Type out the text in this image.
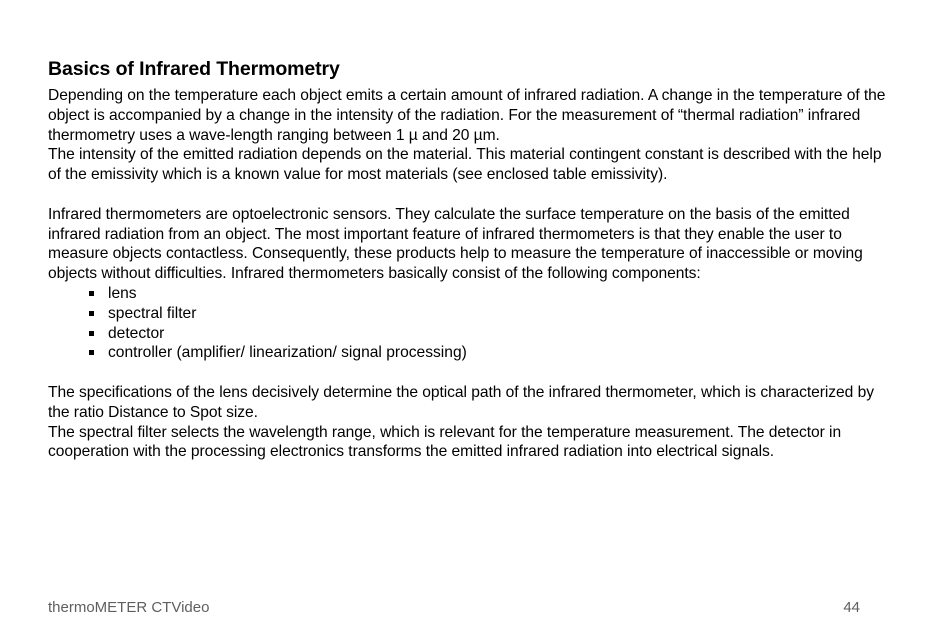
Basics of Infrared Thermometry

Depending on the temperature each object emits a certain amount of infrared radiation. A change in the temperature of the object is accompanied by a change in the intensity of the radiation. For the measurement of “thermal radiation” infrared thermometry uses a wave-length ranging between 1 µ and 20 µm.

The intensity of the emitted radiation depends on the material. This material contingent constant is described with the help of the emissivity which is a known value for most materials (see enclosed table emissivity).

Infrared thermometers are optoelectronic sensors. They calculate the surface temperature on the basis of the emitted infrared radiation from an object. The most important feature of infrared thermometers is that they enable the user to measure objects contactless. Consequently, these products help to measure the temperature of inaccessible or moving objects without difficulties. Infrared thermometers basically consist of the following components:

lens
spectral filter
detector
controller (amplifier/ linearization/ signal processing)

The specifications of the lens decisively determine the optical path of the infrared thermometer, which is characterized by the ratio Distance to Spot size.

The spectral filter selects the wavelength range, which is relevant for the temperature measurement. The detector in cooperation with the processing electronics transforms the emitted infrared radiation into electrical signals.

thermoMETER CTVideo	44
